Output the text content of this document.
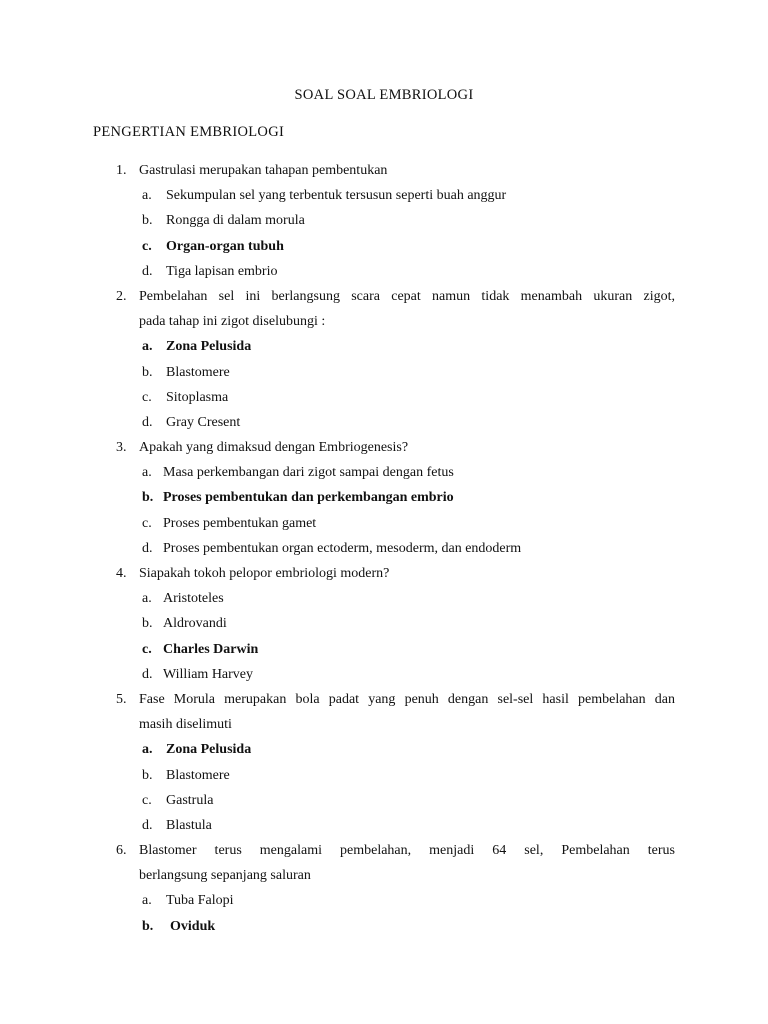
SOAL SOAL EMBRIOLOGI
PENGERTIAN EMBRIOLOGI
1. Gastrulasi merupakan tahapan pembentukan
a. Sekumpulan sel yang terbentuk tersusun seperti buah anggur
b. Rongga di dalam morula
c. Organ-organ tubuh
d. Tiga lapisan embrio
2. Pembelahan sel ini berlangsung scara cepat namun tidak menambah ukuran zigot,
pada tahap ini zigot diselubungi :
a. Zona Pelusida
b. Blastomere
c. Sitoplasma
d. Gray Cresent
3. Apakah yang dimaksud dengan Embriogenesis?
a. Masa perkembangan dari zigot sampai dengan fetus
b. Proses pembentukan dan perkembangan embrio
c. Proses pembentukan gamet
d. Proses pembentukan organ ectoderm, mesoderm, dan endoderm
4. Siapakah tokoh pelopor embriologi modern?
a. Aristoteles
b. Aldrovandi
c. Charles Darwin
d. William Harvey
5. Fase Morula merupakan bola padat yang penuh dengan sel-sel hasil pembelahan dan
masih diselimuti
a. Zona Pelusida
b. Blastomere
c. Gastrula
d. Blastula
6. Blastomer terus mengalami pembelahan, menjadi 64 sel, Pembelahan terus
berlangsung sepanjang saluran
a. Tuba Falopi
b. Oviduk
